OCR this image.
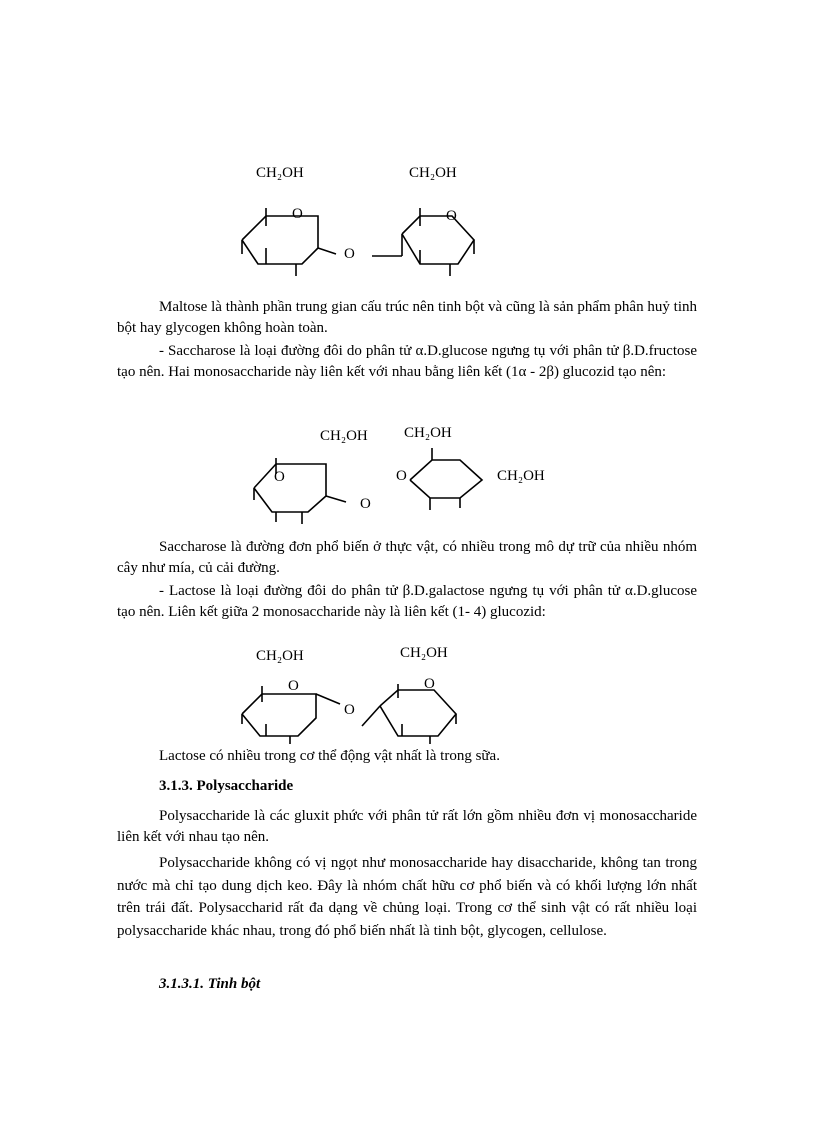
CH₂OH	CH₂OH
O
O
O

Maltose là thành phần trung gian cấu trúc nên tinh bột và cũng là sản phẩm phân huỷ tinh bột hay glycogen không hoàn toàn.

- Saccharose là loại đường đôi do phân tử α.D.glucose ngưng tụ với phân tử β.D.fructose tạo nên. Hai monosaccharide này liên kết với nhau bằng liên kết (1α - 2β) glucozid tạo nên:

CH₂OH CH₂OH
O
O
O	CH₂OH

Saccharose là đường đơn phổ biến ở thực vật, có nhiều trong mô dự trữ của nhiều nhóm cây như mía, củ cải đường.

- Lactose là loại đường đôi do phân tử β.D.galactose ngưng tụ với phân tử α.D.glucose tạo nên. Liên kết giữa 2 monosaccharide này là liên kết (1- 4) glucozid:

CH₂OH	CH₂OH
O
O
O

Lactose có nhiều trong cơ thể động vật nhất là trong sữa.

3.1.3. Polysaccharide

Polysaccharide là các gluxit phức với phân tử rất lớn gồm nhiều đơn vị monosaccharide liên kết với nhau tạo nên.

Polysaccharide không có vị ngọt như monosaccharide hay disaccharide, không tan trong nước mà chỉ tạo dung dịch keo. Đây là nhóm chất hữu cơ phổ biến và có khối lượng lớn nhất trên trái đất. Polysaccharid rất đa dạng về chủng loại. Trong cơ thể sinh vật có rất nhiều loại polysaccharide khác nhau, trong đó phổ biến nhất là tinh bột, glycogen, cellulose.

3.1.3.1. Tinh bột
